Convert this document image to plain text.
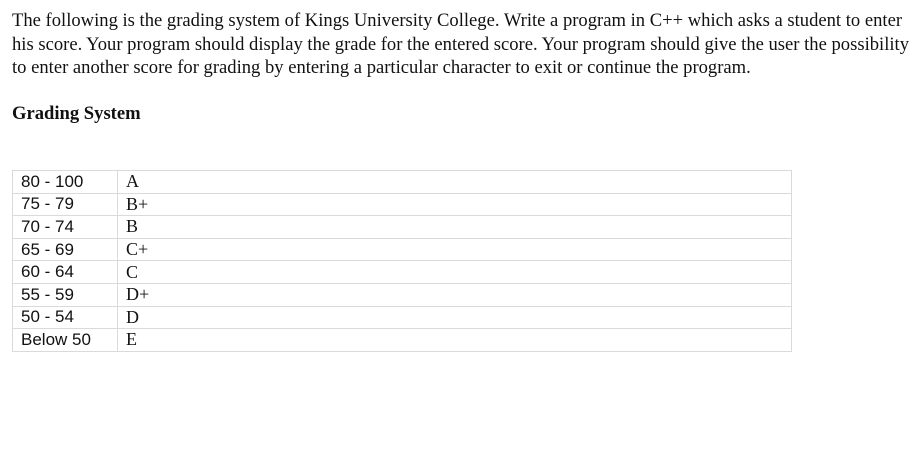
The following is the grading system of Kings University College. Write a program in C++ which asks a student to enter his score. Your program should display the grade for the entered score. Your program should give the user the possibility to enter another score for grading by entering a particular character to exit or continue the program.

Grading System
80 - 100	A
75 - 79	B+
70 - 74	B
65 - 69	C+
60 - 64	C
55 - 59	D+
50 - 54	D
Below 50	E
